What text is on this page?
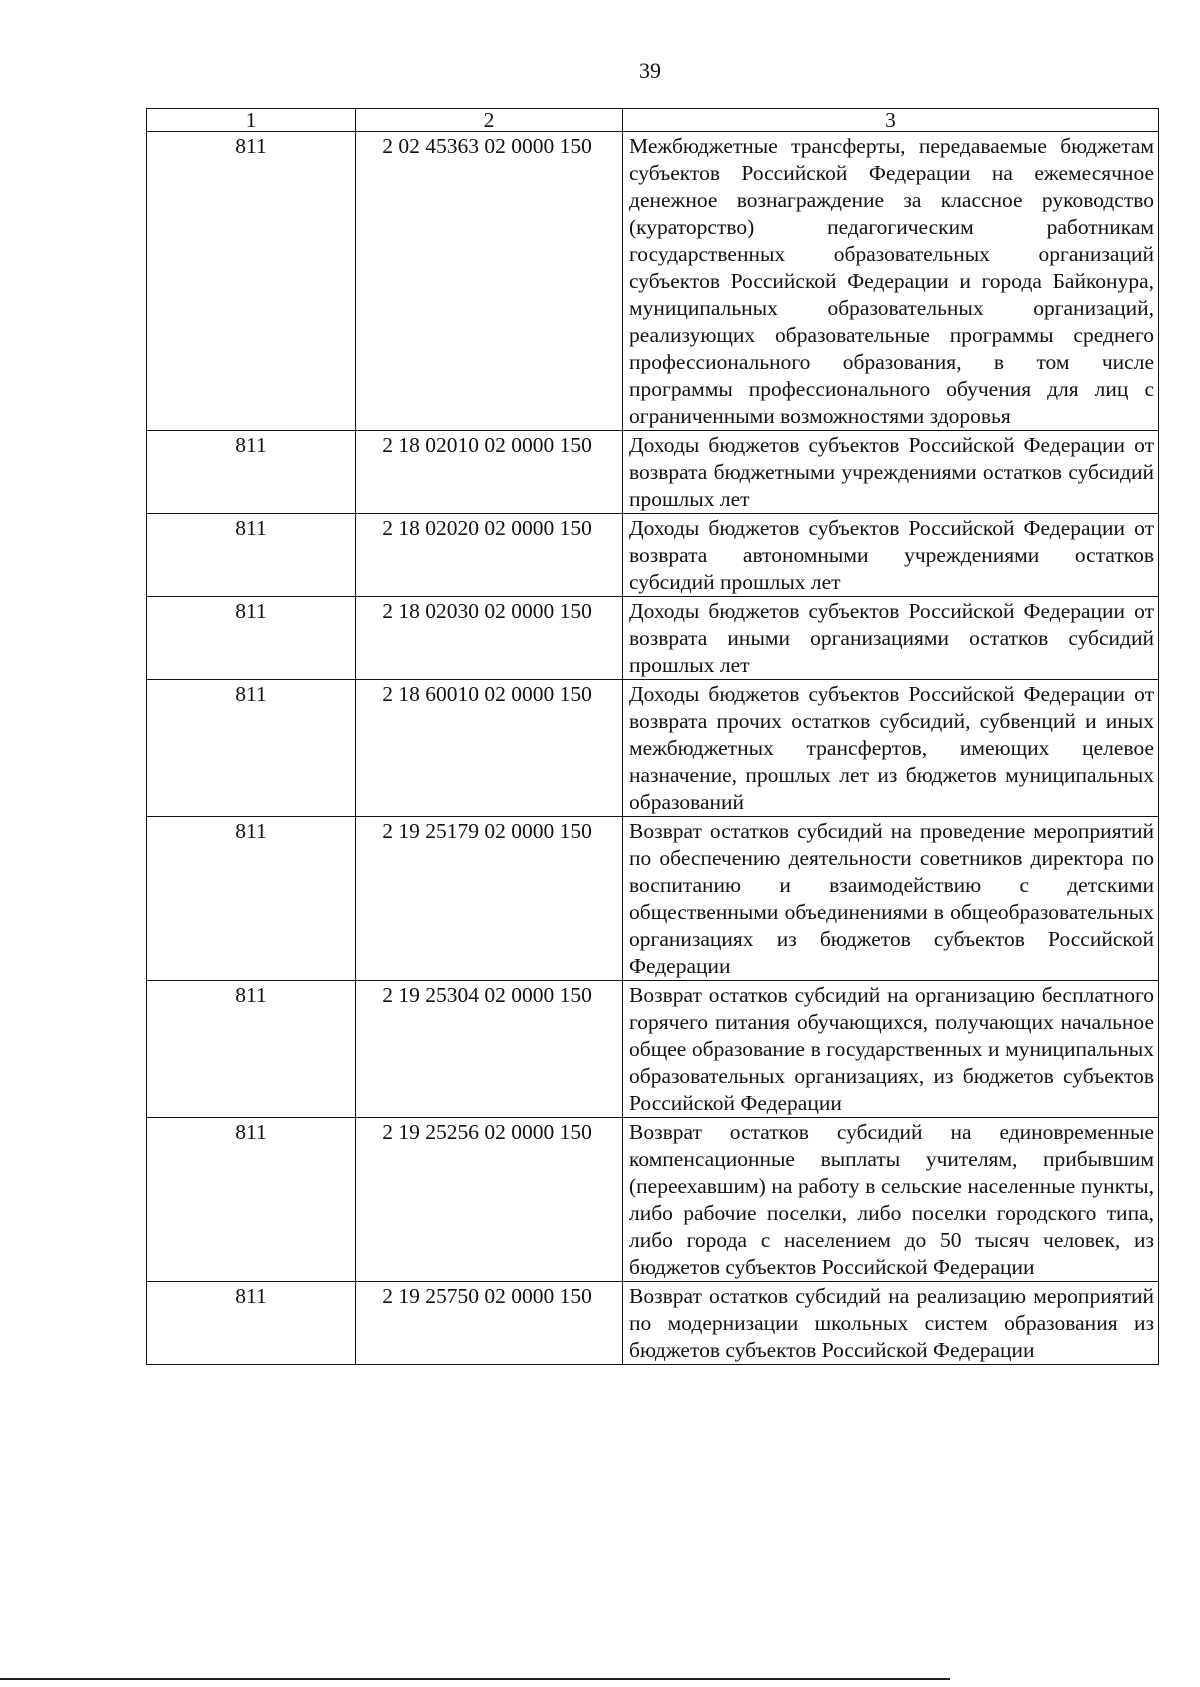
39
1	2	3
811	2 02 45363 02 0000 150	Межбюджетные трансферты, передаваемые бюджетам субъектов Российской Федерации на ежемесячное денежное вознаграждение за классное руководство (кураторство) педагогическим работникам государственных образовательных организаций субъектов Российской Федерации и города Байконура, муниципальных образовательных организаций, реализующих образовательные программы среднего профессионального образования, в том числе программы профессионального обучения для лиц с ограниченными возможностями здоровья
811	2 18 02010 02 0000 150	Доходы бюджетов субъектов Российской Федерации от возврата бюджетными учреждениями остатков субсидий прошлых лет
811	2 18 02020 02 0000 150	Доходы бюджетов субъектов Российской Федерации от возврата автономными учреждениями остатков субсидий прошлых лет
811	2 18 02030 02 0000 150	Доходы бюджетов субъектов Российской Федерации от возврата иными организациями остатков субсидий прошлых лет
811	2 18 60010 02 0000 150	Доходы бюджетов субъектов Российской Федерации от возврата прочих остатков субсидий, субвенций и иных межбюджетных трансфертов, имеющих целевое назначение, прошлых лет из бюджетов муниципальных образований
811	2 19 25179 02 0000 150	Возврат остатков субсидий на проведение мероприятий по обеспечению деятельности советников директора по воспитанию и взаимодействию с детскими общественными объединениями в общеобразовательных организациях из бюджетов субъектов Российской Федерации
811	2 19 25304 02 0000 150	Возврат остатков субсидий на организацию бесплатного горячего питания обучающихся, получающих начальное общее образование в государственных и муниципальных образовательных организациях, из бюджетов субъектов Российской Федерации
811	2 19 25256 02 0000 150	Возврат остатков субсидий на единовременные компенсационные выплаты учителям, прибывшим (переехавшим) на работу в сельские населенные пункты, либо рабочие поселки, либо поселки городского типа, либо города с населением до 50 тысяч человек, из бюджетов субъектов Российской Федерации
811	2 19 25750 02 0000 150	Возврат остатков субсидий на реализацию мероприятий по модернизации школьных систем образования из бюджетов субъектов Российской Федерации
